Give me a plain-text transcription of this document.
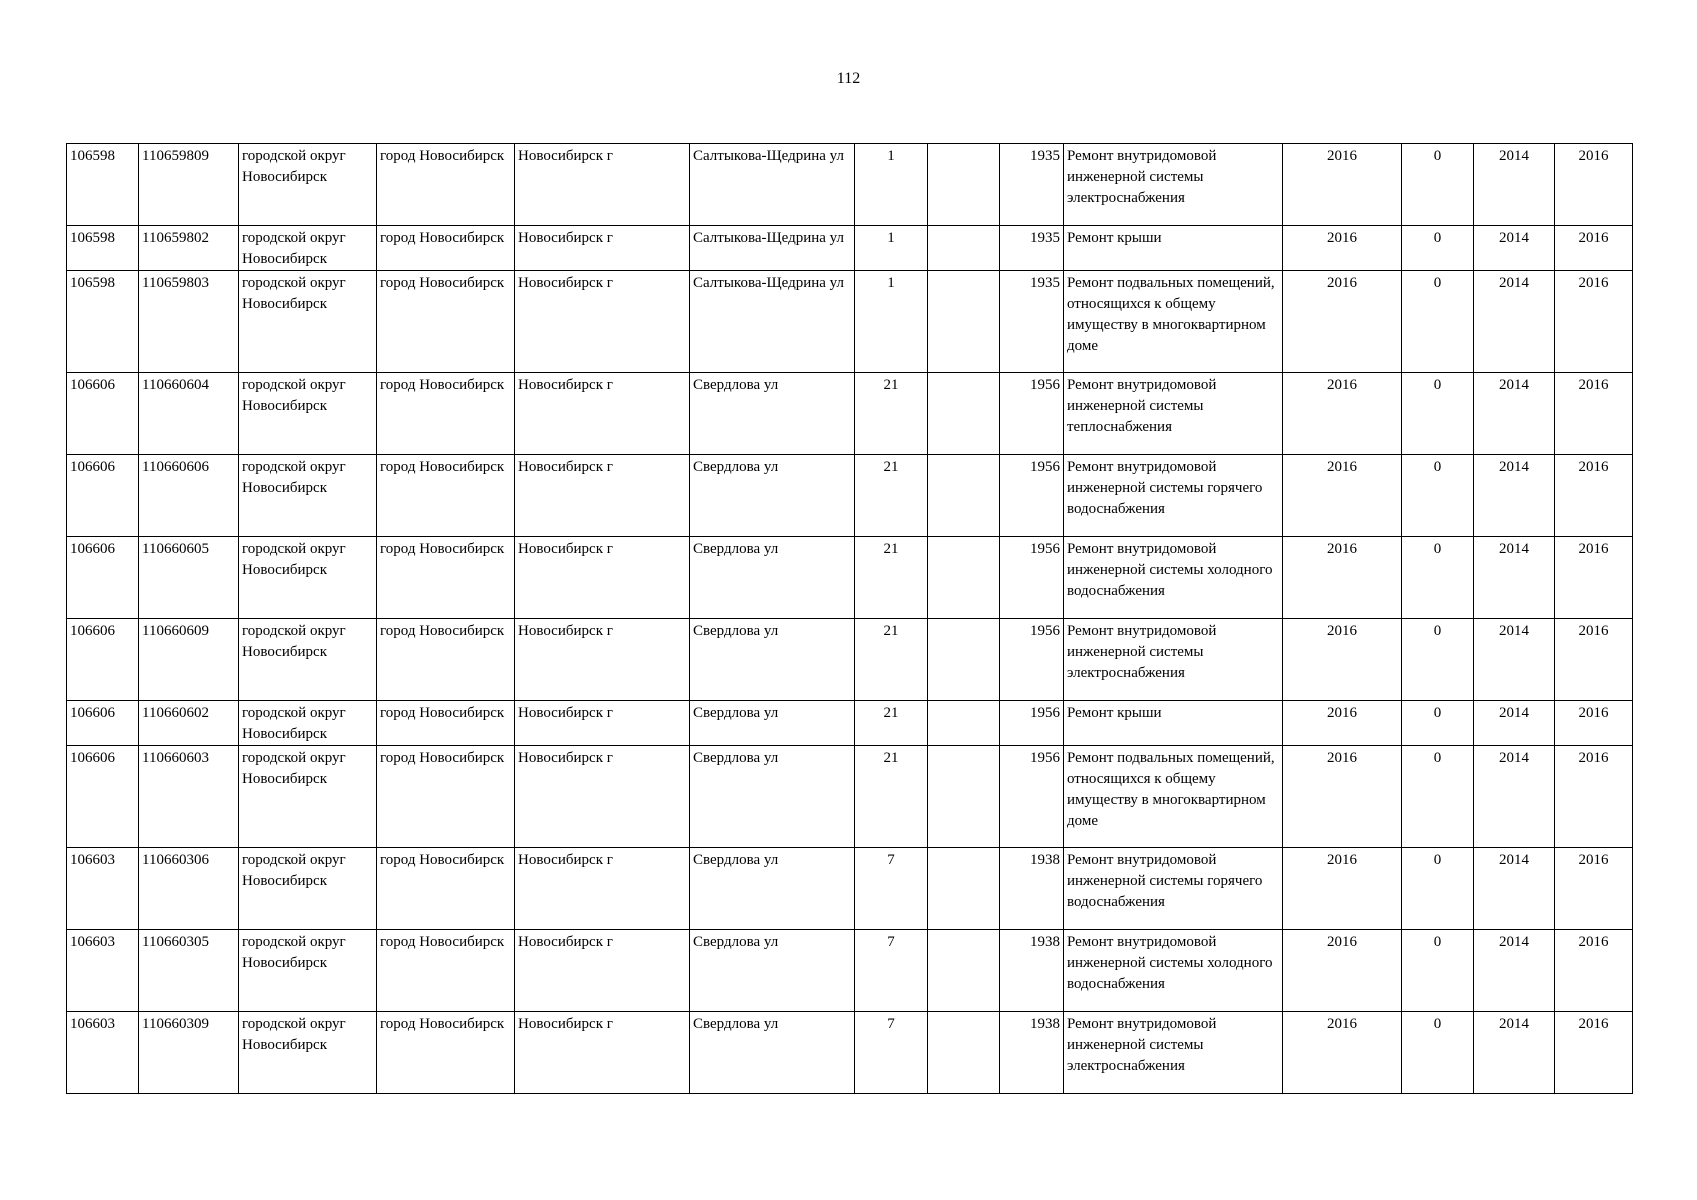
112
106598	110659809	городской округ Новосибирск	город Новосибирск	Новосибирск г	Салтыкова-Щедрина ул	1		1935	Ремонт внутридомовой инженерной системы электроснабжения	2016	0	2014	2016
106598	110659802	городской округ Новосибирск	город Новосибирск	Новосибирск г	Салтыкова-Щедрина ул	1		1935	Ремонт крыши	2016	0	2014	2016
106598	110659803	городской округ Новосибирск	город Новосибирск	Новосибирск г	Салтыкова-Щедрина ул	1		1935	Ремонт подвальных помещений, относящихся к общему имуществу в многоквартирном доме	2016	0	2014	2016
106606	110660604	городской округ Новосибирск	город Новосибирск	Новосибирск г	Свердлова ул	21		1956	Ремонт внутридомовой инженерной системы теплоснабжения	2016	0	2014	2016
106606	110660606	городской округ Новосибирск	город Новосибирск	Новосибирск г	Свердлова ул	21		1956	Ремонт внутридомовой инженерной системы горячего водоснабжения	2016	0	2014	2016
106606	110660605	городской округ Новосибирск	город Новосибирск	Новосибирск г	Свердлова ул	21		1956	Ремонт внутридомовой инженерной системы холодного водоснабжения	2016	0	2014	2016
106606	110660609	городской округ Новосибирск	город Новосибирск	Новосибирск г	Свердлова ул	21		1956	Ремонт внутридомовой инженерной системы электроснабжения	2016	0	2014	2016
106606	110660602	городской округ Новосибирск	город Новосибирск	Новосибирск г	Свердлова ул	21		1956	Ремонт крыши	2016	0	2014	2016
106606	110660603	городской округ Новосибирск	город Новосибирск	Новосибирск г	Свердлова ул	21		1956	Ремонт подвальных помещений, относящихся к общему имуществу в многоквартирном доме	2016	0	2014	2016
106603	110660306	городской округ Новосибирск	город Новосибирск	Новосибирск г	Свердлова ул	7		1938	Ремонт внутридомовой инженерной системы горячего водоснабжения	2016	0	2014	2016
106603	110660305	городской округ Новосибирск	город Новосибирск	Новосибирск г	Свердлова ул	7		1938	Ремонт внутридомовой инженерной системы холодного водоснабжения	2016	0	2014	2016
106603	110660309	городской округ Новосибирск	город Новосибирск	Новосибирск г	Свердлова ул	7		1938	Ремонт внутридомовой инженерной системы электроснабжения	2016	0	2014	2016
